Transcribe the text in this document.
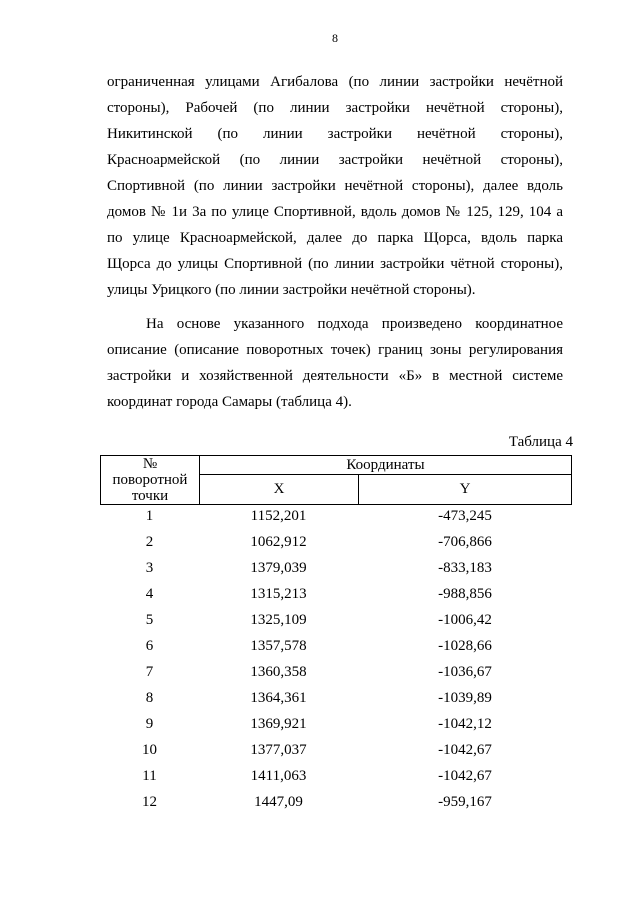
8
ограниченная улицами Агибалова (по линии застройки нечётной
стороны), Рабочей (по линии застройки нечётной стороны),
Никитинской (по линии застройки нечётной стороны),
Красноармейской (по линии застройки нечётной стороны),
Спортивной (по линии застройки нечётной стороны), далее вдоль
домов № 1и 3а по улице Спортивной, вдоль домов № 125, 129, 104 а
по улице Красноармейской, далее до парка Щорса, вдоль парка
Щорса до улицы Спортивной (по линии застройки чётной стороны),
улицы Урицкого (по линии застройки нечётной стороны).
На основе указанного подхода произведено координатное
описание (описание поворотных точек) границ зоны регулирования
застройки и хозяйственной деятельности «Б» в местной системе
координат города Самары (таблица 4).
Таблица 4
№
поворотной
точки
Координаты
X	Y
1	1152,201	-473,245
2	1062,912	-706,866
3	1379,039	-833,183
4	1315,213	-988,856
5	1325,109	-1006,42
6	1357,578	-1028,66
7	1360,358	-1036,67
8	1364,361	-1039,89
9	1369,921	-1042,12
10	1377,037	-1042,67
11	1411,063	-1042,67
12	1447,09	-959,167
